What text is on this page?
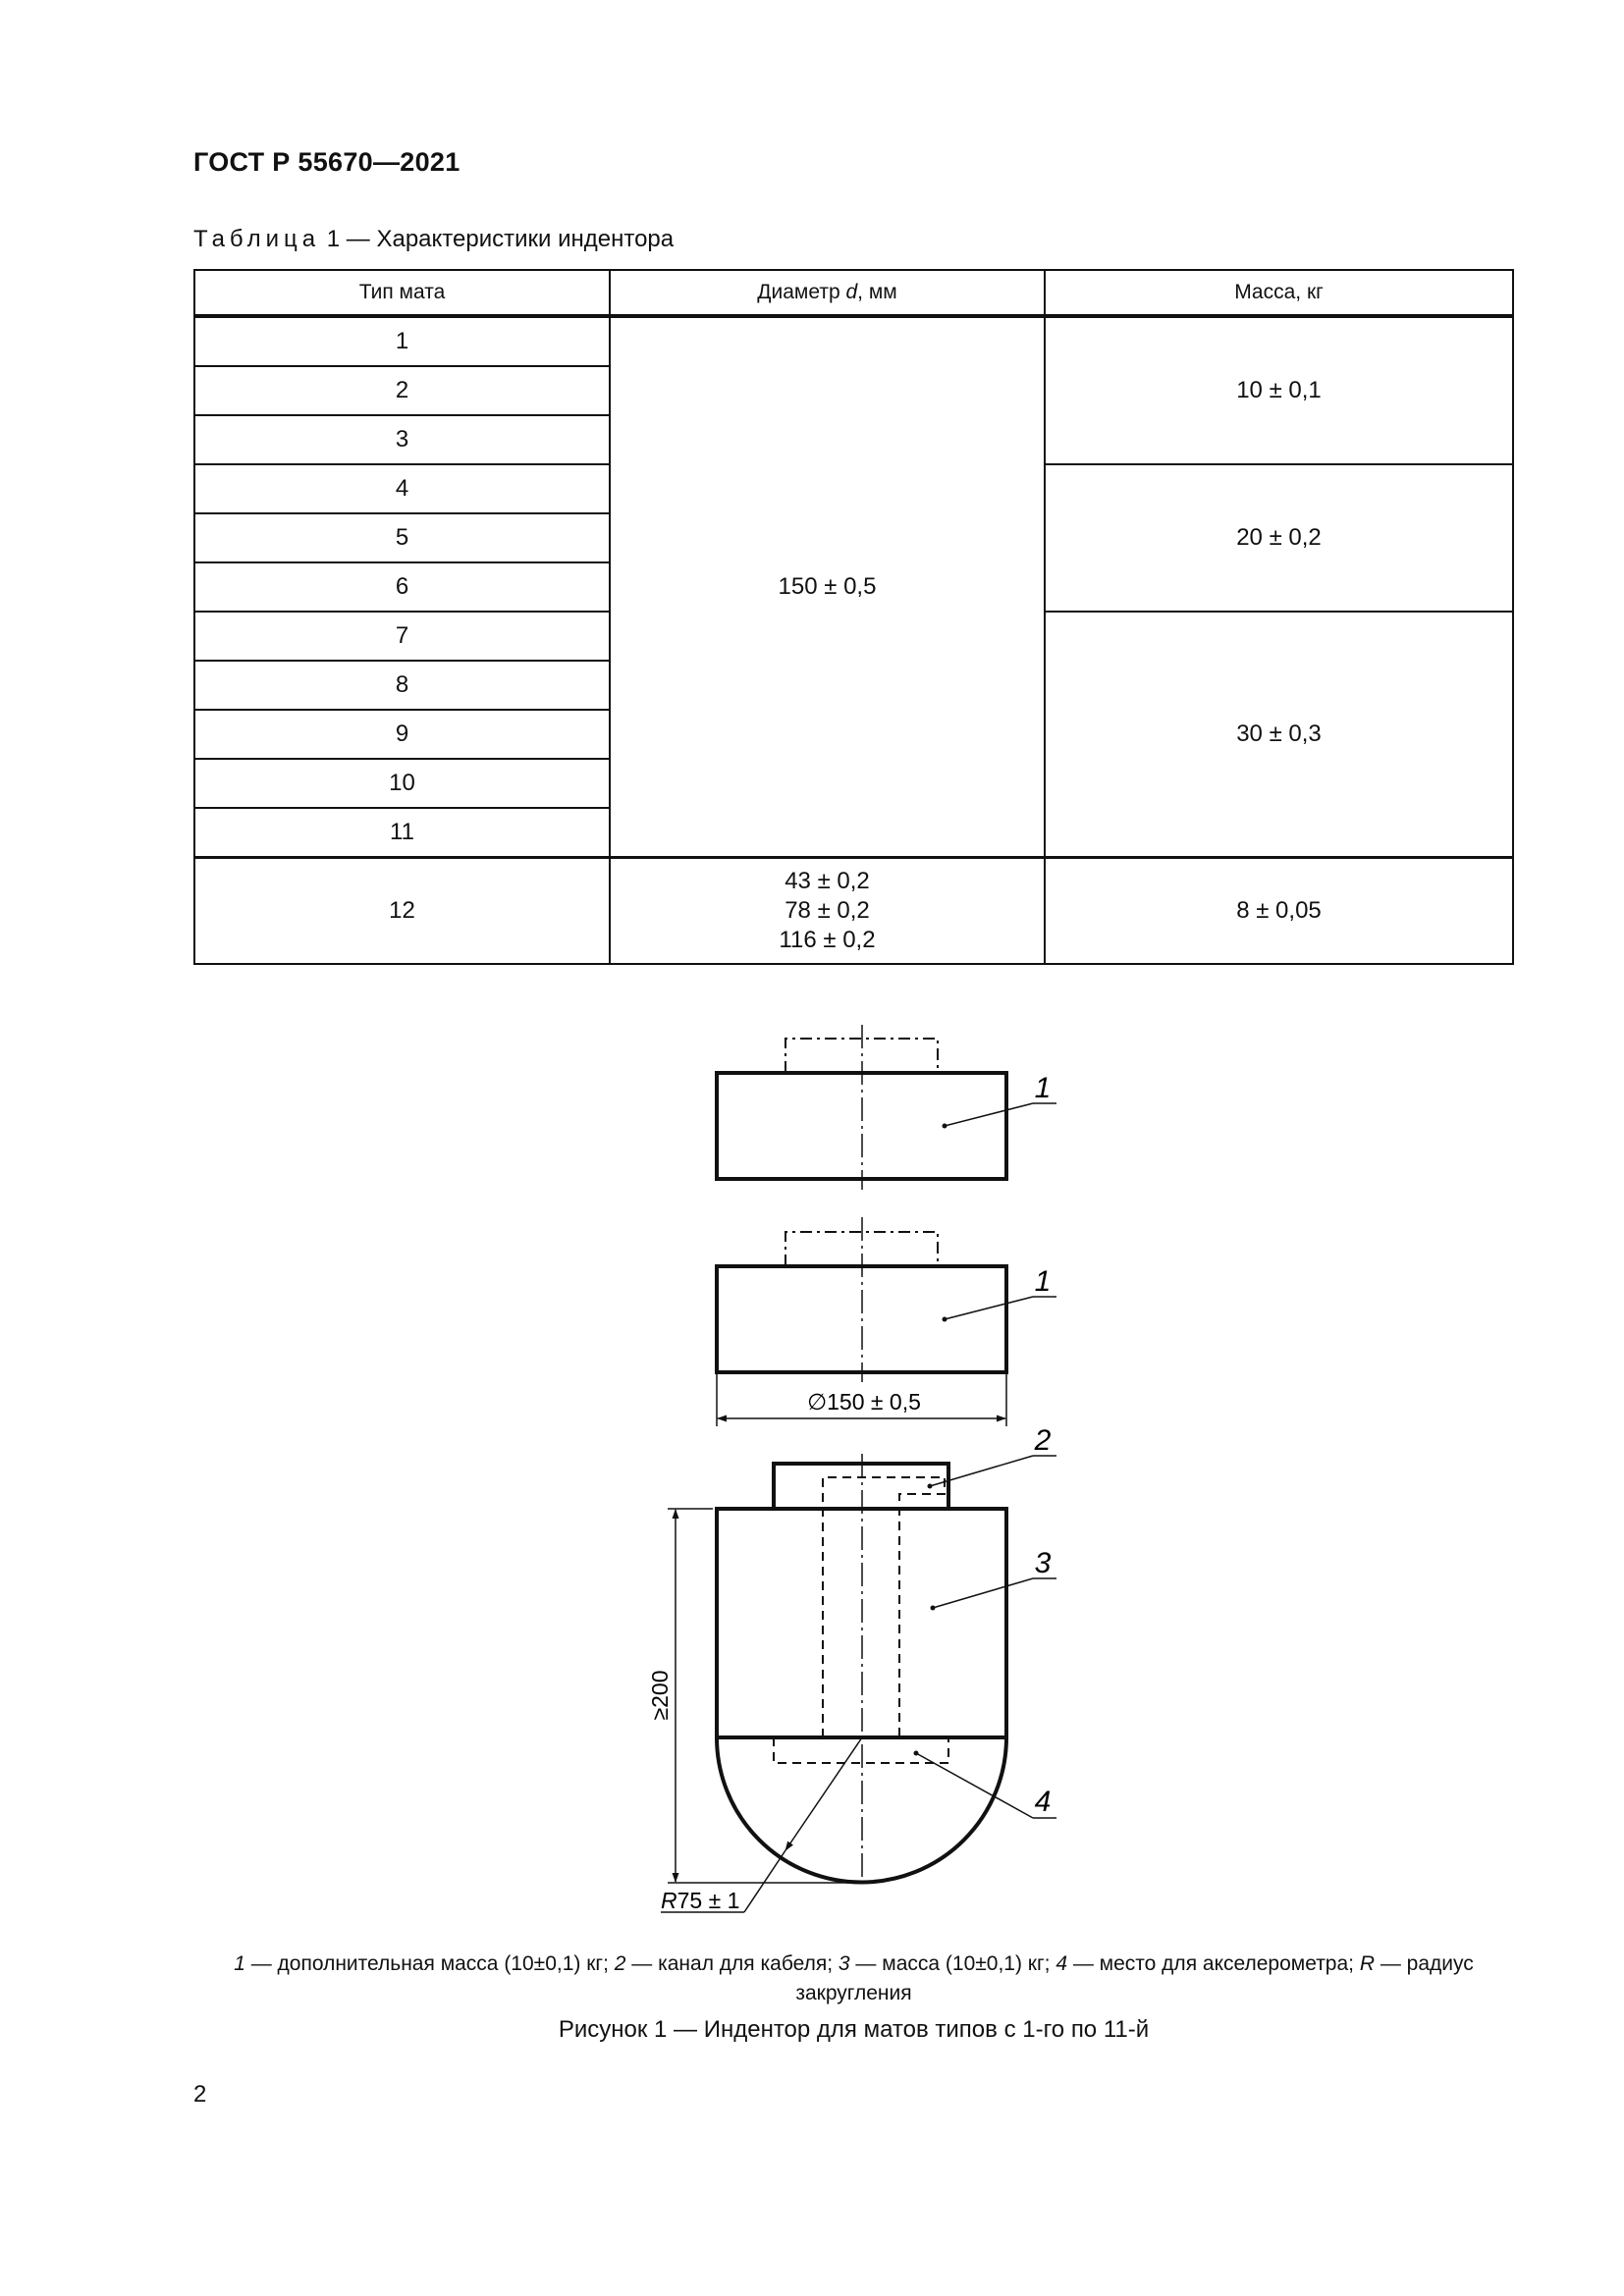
ГОСТ Р 55670—2021
Таблица 1 — Характеристики индентора
Тип мата	Диаметр d, мм	Масса, кг
1	150 ± 0,5	10 ± 0,1
2		
3		
4		20 ± 0,2
5		
6		
7		30 ± 0,3
8		
9		
10		
11		
12	43 ± 0,2
78 ± 0,2
116 ± 0,2	8 ± 0,05
1
1
∅150 ± 0,5
2
3
4
≥200
R75 ± 1
1 — дополнительная масса (10±0,1) кг; 2 — канал для кабеля; 3 — масса (10±0,1) кг; 4 — место для акселерометра; R — радиус закругления
Рисунок 1 — Индентор для матов типов с 1-го по 11-й
2
